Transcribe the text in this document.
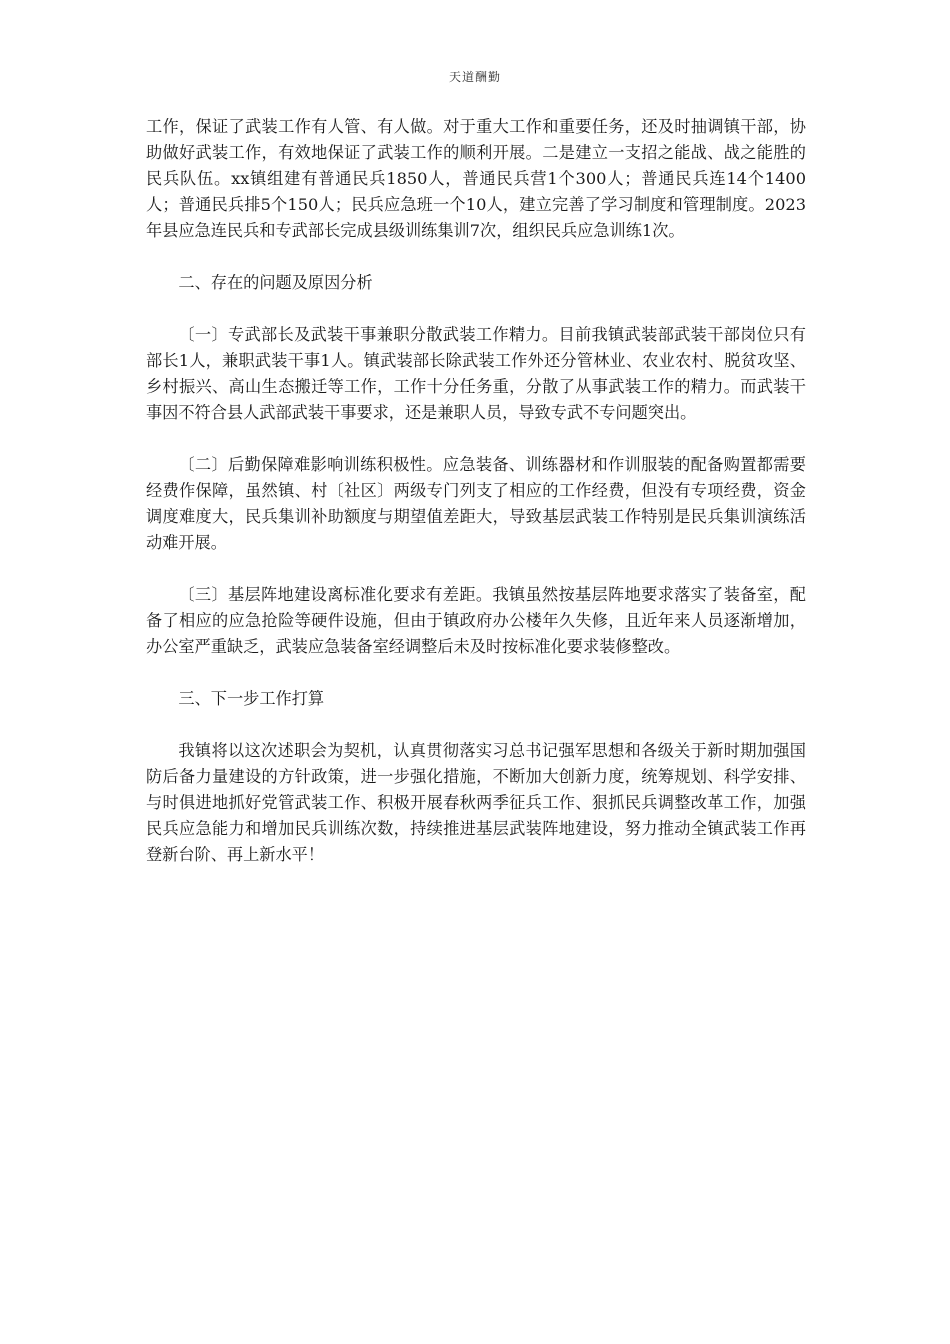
天道酬勤

工作，保证了武装工作有人管、有人做。对于重大工作和重要任务，还及时抽调镇干部，协助做好武装工作，有效地保证了武装工作的顺利开展。二是建立一支招之能战、战之能胜的民兵队伍。xx镇组建有普通民兵1850人，普通民兵营1个300人；普通民兵连14个1400人；普通民兵排5个150人；民兵应急班一个10人，建立完善了学习制度和管理制度。2023年县应急连民兵和专武部长完成县级训练集训7次，组织民兵应急训练1次。

二、存在的问题及原因分析

〔一〕专武部长及武装干事兼职分散武装工作精力。目前我镇武装部武装干部岗位只有部长1人，兼职武装干事1人。镇武装部长除武装工作外还分管林业、农业农村、脱贫攻坚、乡村振兴、高山生态搬迁等工作，工作十分任务重，分散了从事武装工作的精力。而武装干事因不符合县人武部武装干事要求，还是兼职人员，导致专武不专问题突出。

〔二〕后勤保障难影响训练积极性。应急装备、训练器材和作训服装的配备购置都需要经费作保障，虽然镇、村〔社区〕两级专门列支了相应的工作经费，但没有专项经费，资金调度难度大，民兵集训补助额度与期望值差距大，导致基层武装工作特别是民兵集训演练活动难开展。

〔三〕基层阵地建设离标准化要求有差距。我镇虽然按基层阵地要求落实了装备室，配备了相应的应急抢险等硬件设施，但由于镇政府办公楼年久失修，且近年来人员逐渐增加，办公室严重缺乏，武装应急装备室经调整后未及时按标准化要求装修整改。

三、下一步工作打算

我镇将以这次述职会为契机，认真贯彻落实习总书记强军思想和各级关于新时期加强国防后备力量建设的方针政策，进一步强化措施，不断加大创新力度，统筹规划、科学安排、与时俱进地抓好党管武装工作、积极开展春秋两季征兵工作、狠抓民兵调整改革工作，加强民兵应急能力和增加民兵训练次数，持续推进基层武装阵地建设，努力推动全镇武装工作再登新台阶、再上新水平！
